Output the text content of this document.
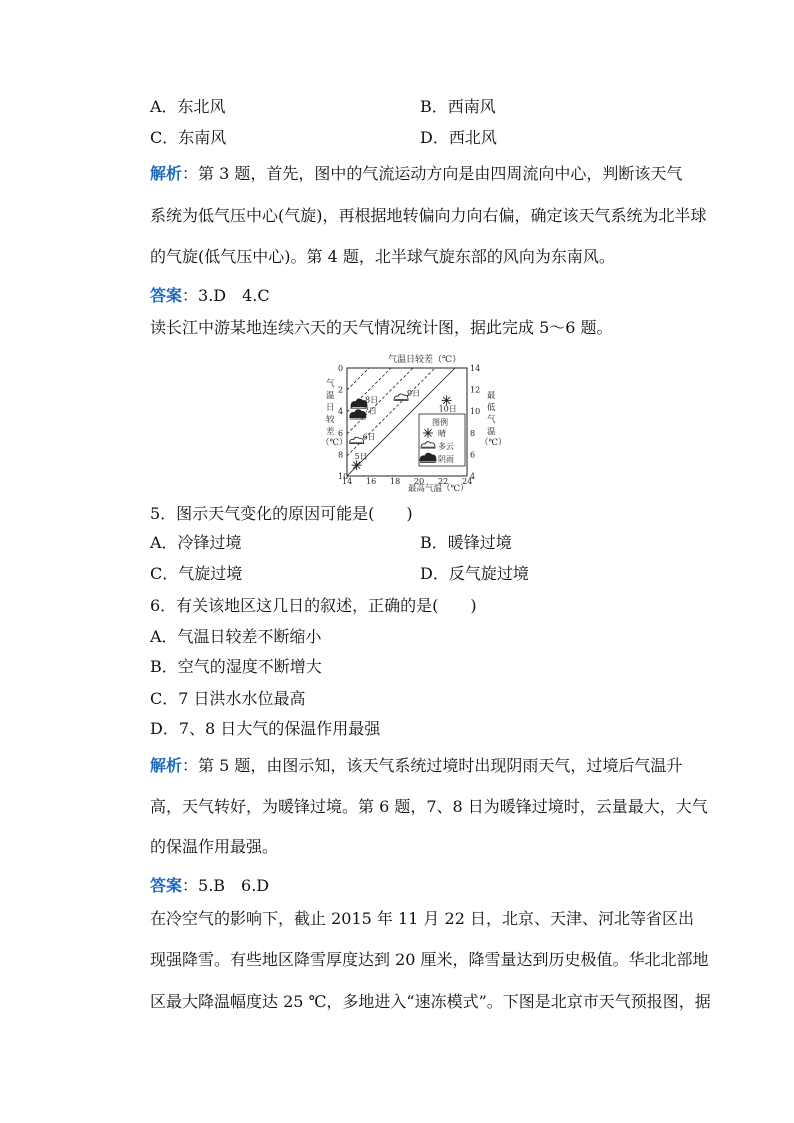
A．东北风	B．西南风
C．东南风	D．西北风
解析：第 3 题，首先，图中的气流运动方向是由四周流向中心，判断该天气
系统为低气压中心(气旋)，再根据地转偏向力向右偏，确定该天气系统为北半球
的气旋(低气压中心)。第 4 题，北半球气旋东部的风向为东南风。
答案：3.D　4.C
读长江中游某地连续六天的天气情况统计图，据此完成 5～6 题。
气温日较差（℃）
气
温
日
较
差
（℃）
最
低
气
温
（℃）
0
2
4
6
8
10
14
12
10
8
6
4
14 16 18 20 22 24
最高气温（℃）
5日
6日
7日
8日
9日
10日
图例
晴
多云
阴雨
5．图示天气变化的原因可能是(　　)
A．冷锋过境	B．暖锋过境
C．气旋过境	D．反气旋过境
6．有关该地区这几日的叙述，正确的是(　　)
A．气温日较差不断缩小
B．空气的湿度不断增大
C．7 日洪水水位最高
D．7、8 日大气的保温作用最强
解析：第 5 题，由图示知，该天气系统过境时出现阴雨天气，过境后气温升
高，天气转好，为暖锋过境。第 6 题，7、8 日为暖锋过境时，云量最大，大气
的保温作用最强。
答案：5.B　6.D
在冷空气的影响下，截止 2015 年 11 月 22 日，北京、天津、河北等省区出
现强降雪。有些地区降雪厚度达到 20 厘米，降雪量达到历史极值。华北北部地
区最大降温幅度达 25 ℃，多地进入“速冻模式”。下图是北京市天气预报图，据
